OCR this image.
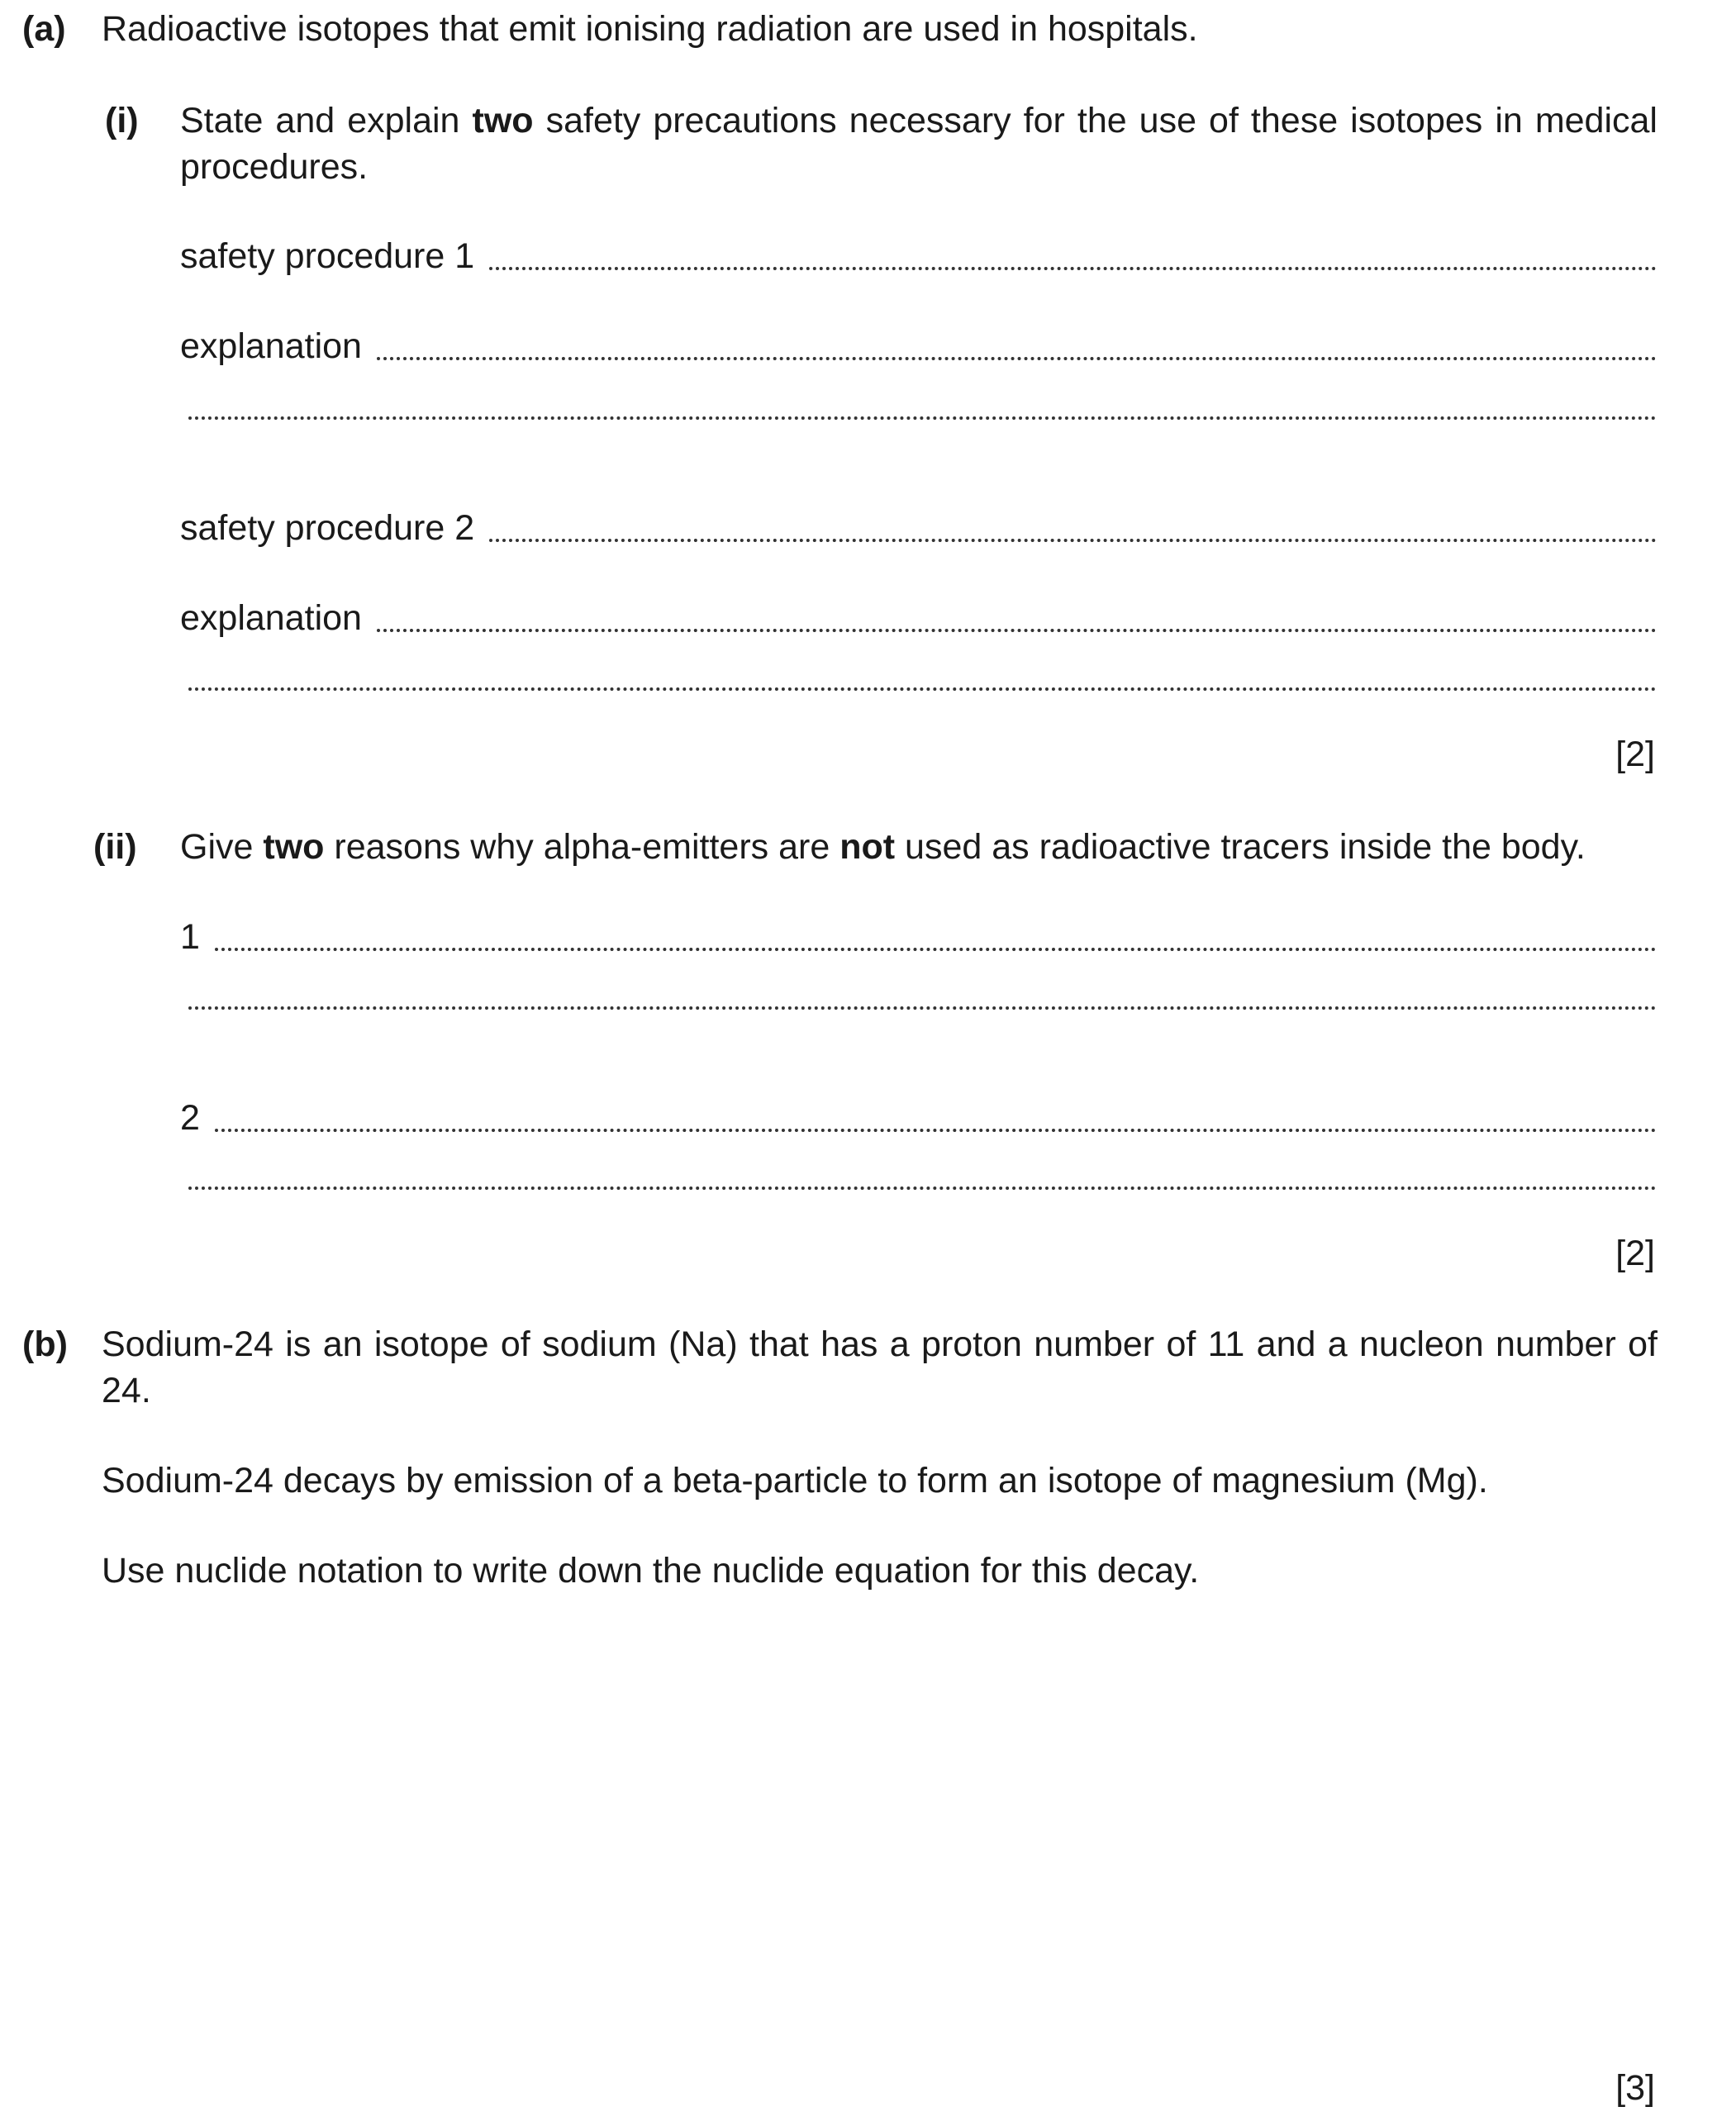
(a) Radioactive isotopes that emit ionising radiation are used in hospitals.
(i) State and explain two safety precautions necessary for the use of these isotopes in medical procedures.
safety procedure 1
explanation
safety procedure 2
explanation
[2]
(ii) Give two reasons why alpha-emitters are not used as radioactive tracers inside the body.
1
2
[2]
(b) Sodium-24 is an isotope of sodium (Na) that has a proton number of 11 and a nucleon number of 24.
Sodium-24 decays by emission of a beta-particle to form an isotope of magnesium (Mg).
Use nuclide notation to write down the nuclide equation for this decay.
[3]
